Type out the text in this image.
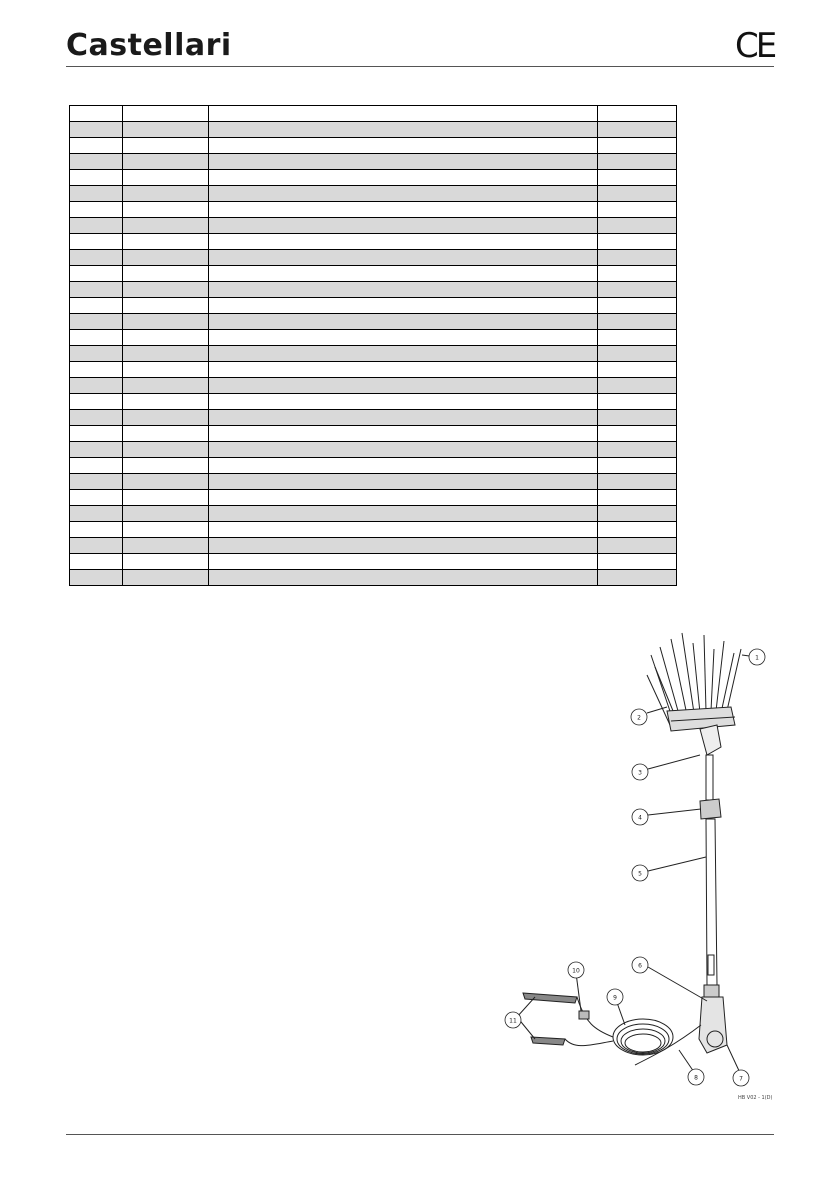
Castellari	CE

1
2
3
4
5
6
7
8
9
10
11
HB V02 - 1(D)
